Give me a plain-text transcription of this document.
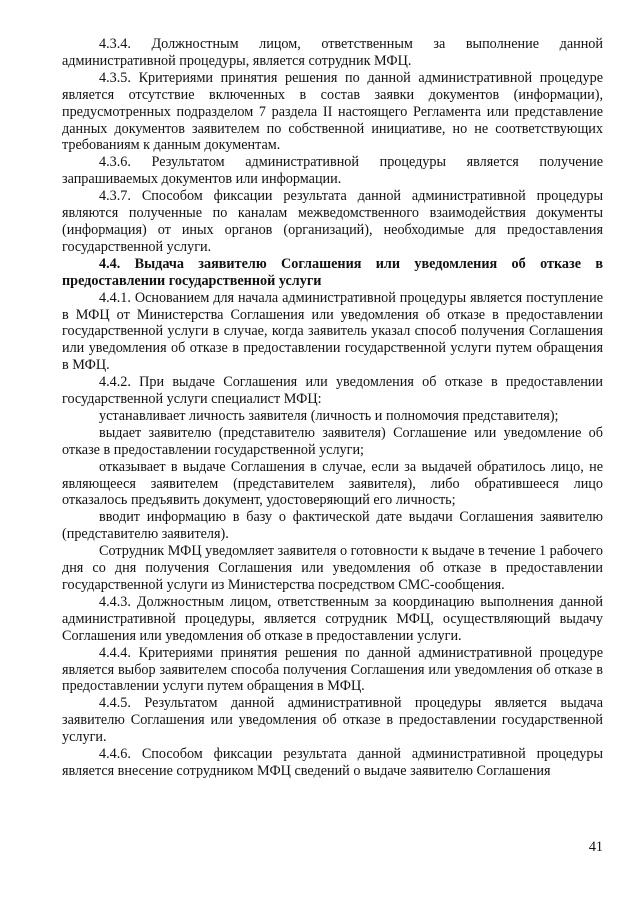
4.3.4. Должностным лицом, ответственным за выполнение данной административной процедуры, является сотрудник МФЦ.

4.3.5. Критериями принятия решения по данной административной процедуре является отсутствие включенных в состав заявки документов (информации), предусмотренных подразделом 7 раздела II настоящего Регламента или представление данных документов заявителем по собственной инициативе, но не соответствующих требованиям к данным документам.

4.3.6. Результатом административной процедуры является получение запрашиваемых документов или информации.

4.3.7. Способом фиксации результата данной административной процедуры являются полученные по каналам межведомственного взаимодействия документы (информация) от иных органов (организаций), необходимые для предоставления государственной услуги.

4.4. Выдача заявителю Соглашения или уведомления об отказе в предоставлении государственной услуги

4.4.1. Основанием для начала административной процедуры является поступление в МФЦ от Министерства Соглашения или уведомления об отказе в предоставлении государственной услуги в случае, когда заявитель указал способ получения Соглашения или уведомления об отказе в предоставлении государственной услуги путем обращения в МФЦ.

4.4.2. При выдаче Соглашения или уведомления об отказе в предоставлении государственной услуги специалист МФЦ:

устанавливает личность заявителя (личность и полномочия представителя);

выдает заявителю (представителю заявителя) Соглашение или уведомление об отказе в предоставлении государственной услуги;

отказывает в выдаче Соглашения в случае, если за выдачей обратилось лицо, не являющееся заявителем (представителем заявителя), либо обратившееся лицо отказалось предъявить документ, удостоверяющий его личность;

вводит информацию в базу о фактической дате выдачи Соглашения заявителю (представителю заявителя).

Сотрудник МФЦ уведомляет заявителя о готовности к выдаче в течение 1 рабочего дня со дня получения Соглашения или уведомления об отказе в предоставлении государственной услуги из Министерства посредством СМС-сообщения.

4.4.3. Должностным лицом, ответственным за координацию выполнения данной административной процедуры, является сотрудник МФЦ, осуществляющий выдачу Соглашения или уведомления об отказе в предоставлении услуги.

4.4.4. Критериями принятия решения по данной административной процедуре является выбор заявителем способа получения Соглашения или уведомления об отказе в предоставлении услуги путем обращения в МФЦ.

4.4.5. Результатом данной административной процедуры является выдача заявителю Соглашения или уведомления об отказе в предоставлении государственной услуги.

4.4.6. Способом фиксации результата данной административной процедуры является внесение сотрудником МФЦ сведений о выдаче заявителю Соглашения

41
